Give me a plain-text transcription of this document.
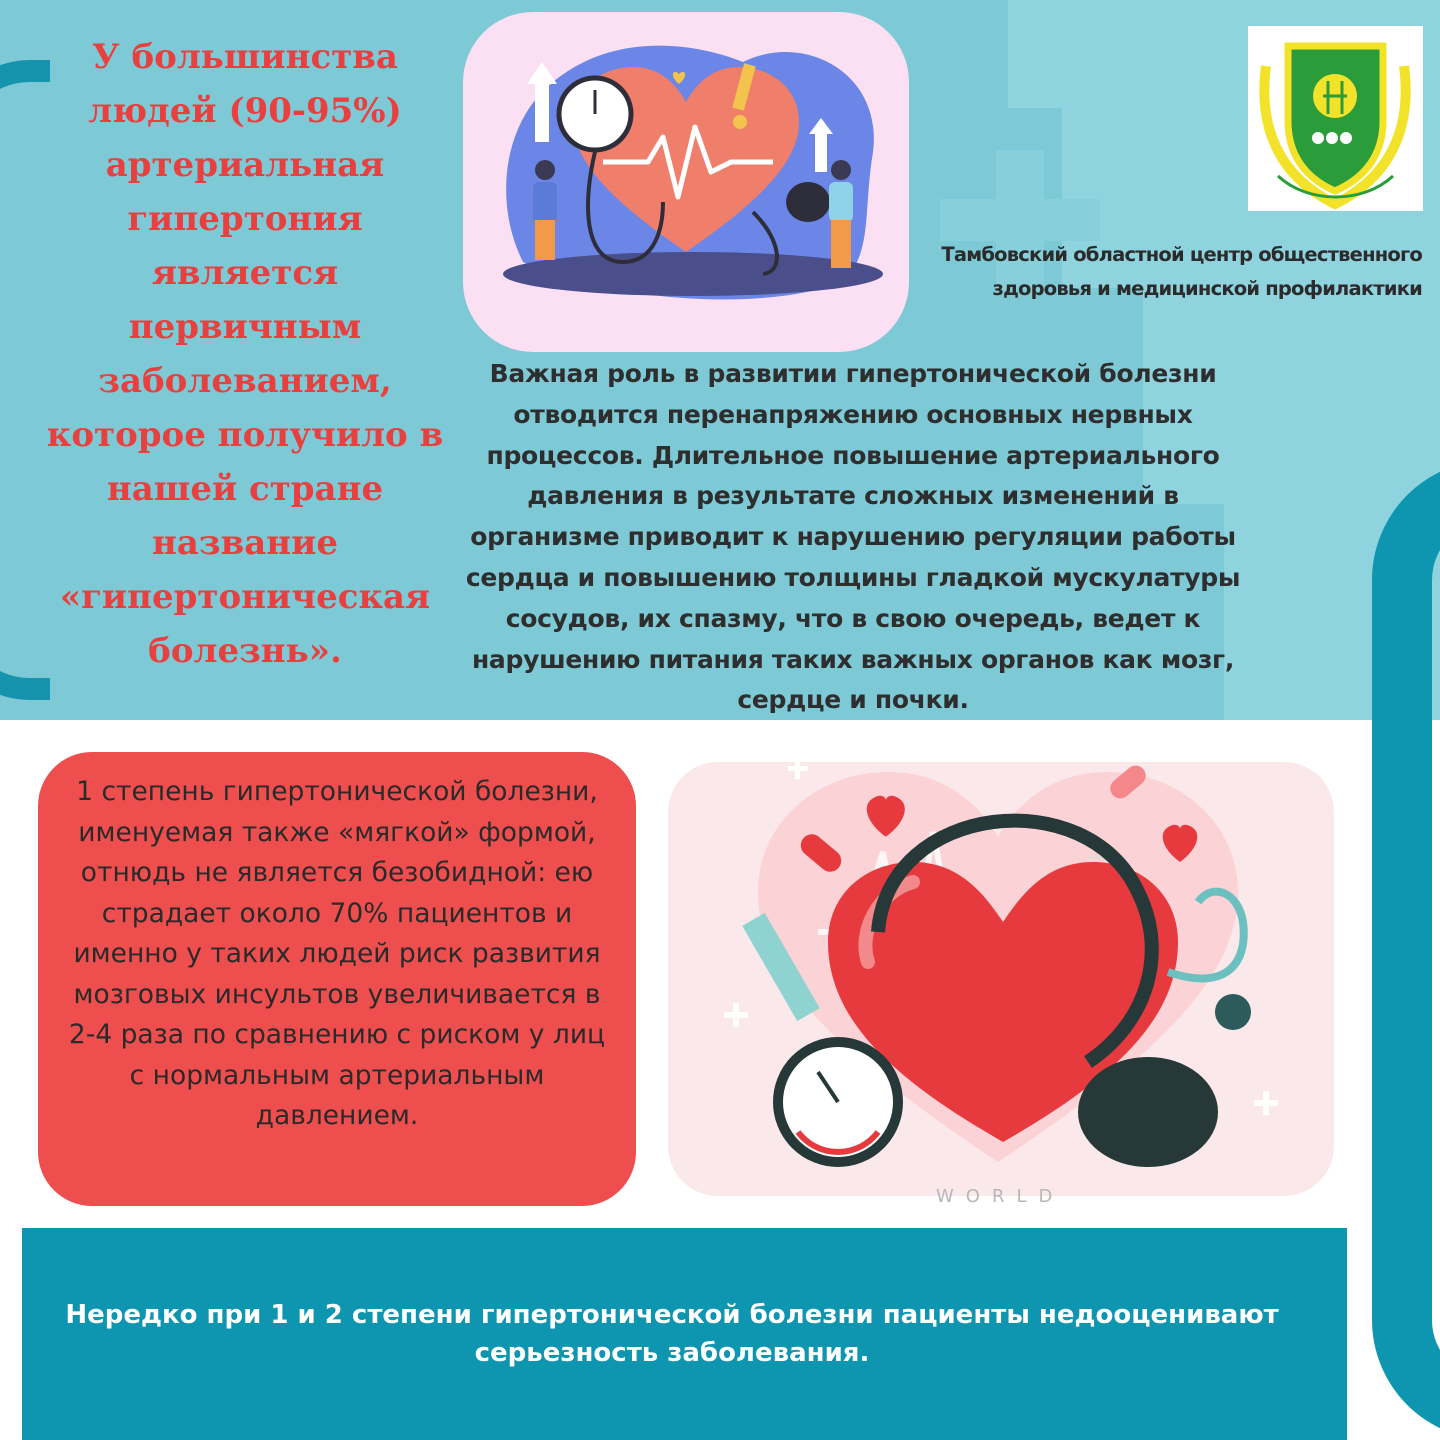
У большинства людей (90-95%) артериальная гипертония является первичным заболеванием, которое получило в нашей стране название «гипертоническая болезнь».
Тамбовский областной центр общественного
здоровья и медицинской профилактики
Важная роль в развитии гипертонической болезни отводится перенапряжению основных нервных процессов. Длительное повышение артериального давления в результате сложных изменений в организме приводит к нарушению регуляции работы сердца и повышению толщины гладкой мускулатуры сосудов, их спазму, что в свою очередь, ведет к нарушению питания таких важных органов как мозг, сердце и почки.
1 степень гипертонической болезни, именуемая также «мягкой» формой, отнюдь не является безобидной: ею страдает около 70% пациентов и именно у таких людей риск развития мозговых инсультов увеличивается в 2-4 раза по сравнению с риском у лиц с нормальным артериальным давлением.
WORLD
Нередко при 1 и 2 степени гипертонической болезни пациенты недооценивают серьезность заболевания.
